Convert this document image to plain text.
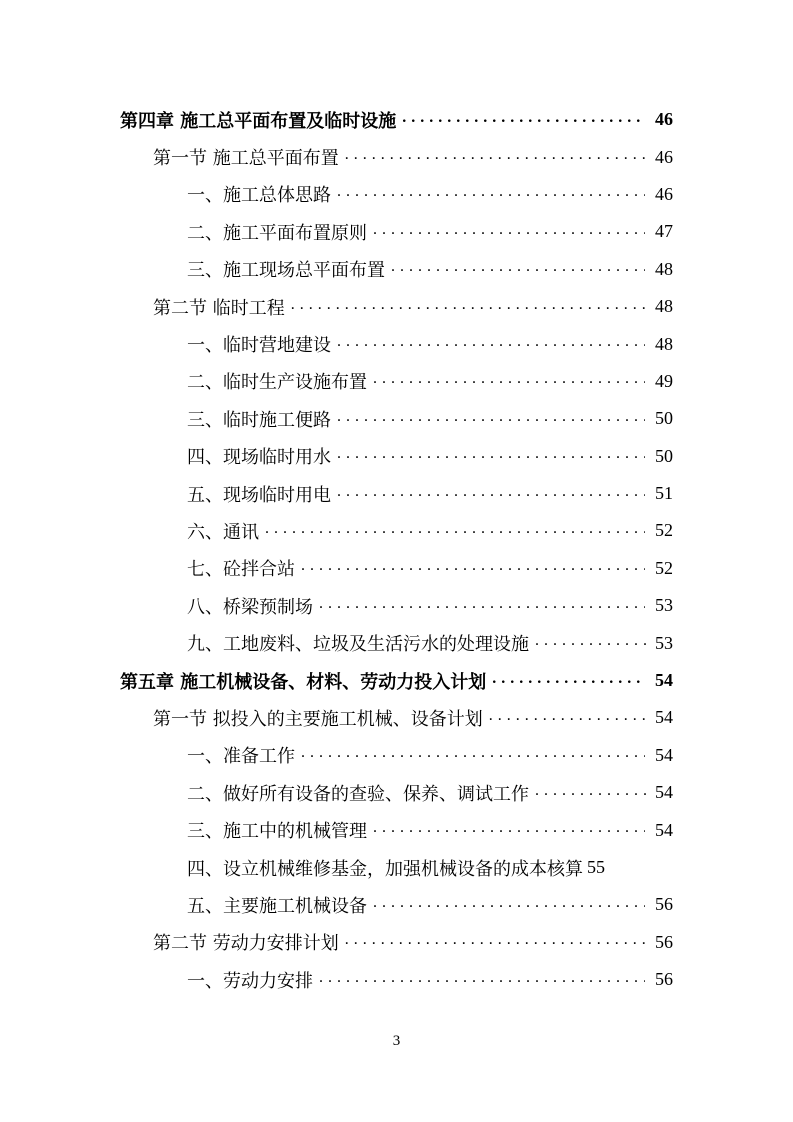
第四章 施工总平面布置及临时设施 . . .	46
第一节 施工总平面布置 . . .	46
一、施工总体思路 . . .	46
二、施工平面布置原则 . . .	47
三、施工现场总平面布置 . . .	48
第二节 临时工程 . . .	48
一、临时营地建设 . . .	48
二、临时生产设施布置 . . .	49
三、临时施工便路 . . .	50
四、现场临时用水 . . .	50
五、现场临时用电 . . .	51
六、通讯 . . .	52
七、砼拌合站 . . .	52
八、桥梁预制场 . . .	53
九、工地废料、垃圾及生活污水的处理设施 . . .	53
第五章 施工机械设备、材料、劳动力投入计划 . . .	54
第一节 拟投入的主要施工机械、设备计划 . . .	54
一、准备工作 . . .	54
二、做好所有设备的查验、保养、调试工作 . . .	54
三、施工中的机械管理 . . .	54
四、设立机械维修基金，加强机械设备的成本核算 55
五、主要施工机械设备 . . .	56
第二节 劳动力安排计划 . . .	56
一、劳动力安排 . . .	56
3
